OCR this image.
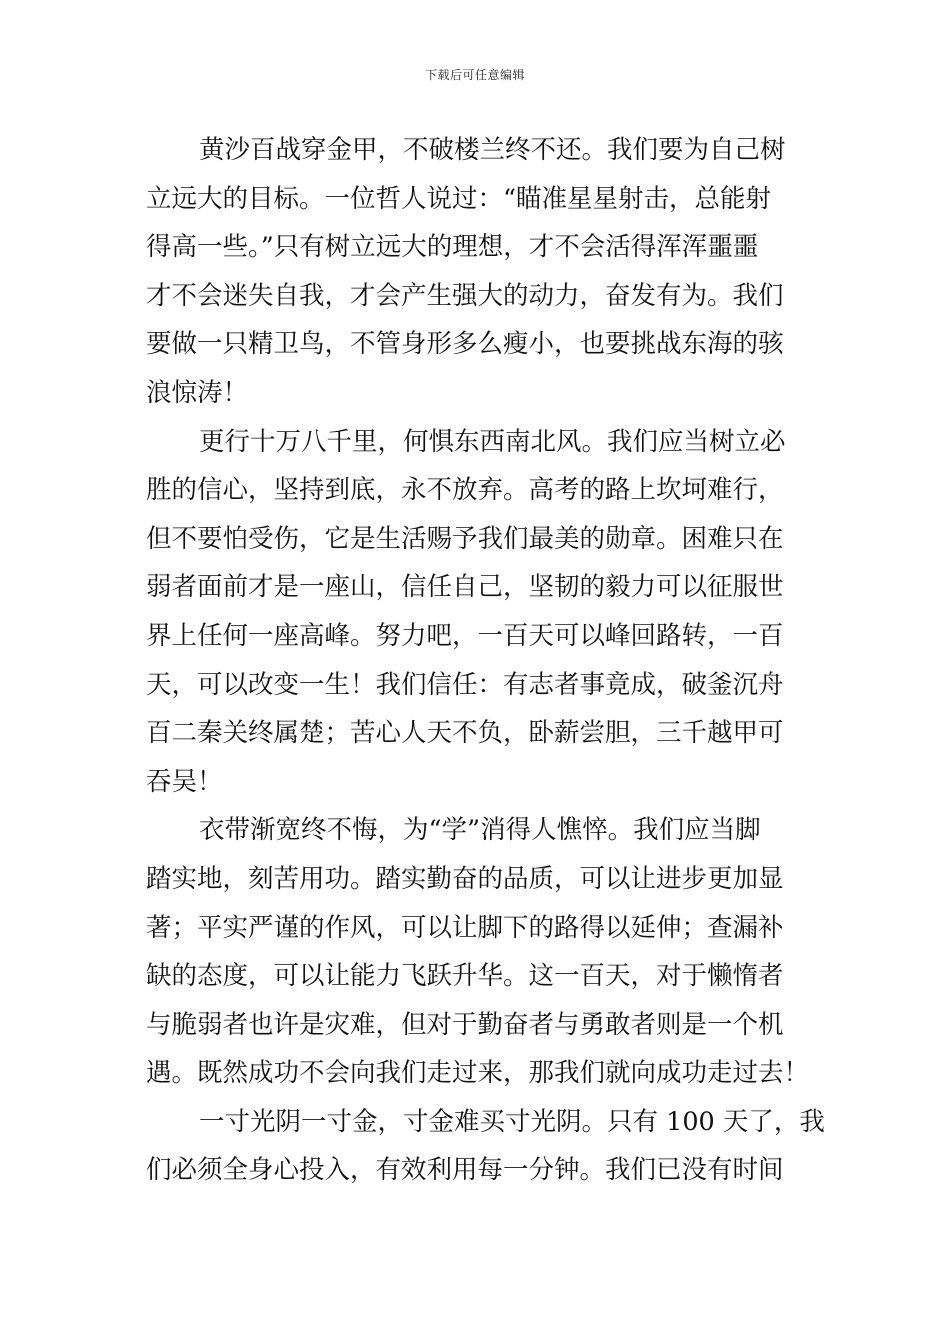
下载后可任意编辑
黄沙百战穿金甲，不破楼兰终不还。我们要为自己树
立远大的目标。一位哲人说过：“瞄准星星射击，总能射
得高一些。”只有树立远大的理想，才不会活得浑浑噩噩
才不会迷失自我，才会产生强大的动力，奋发有为。我们
要做一只精卫鸟，不管身形多么瘦小，也要挑战东海的骇
浪惊涛！
更行十万八千里，何惧东西南北风。我们应当树立必
胜的信心，坚持到底，永不放弃。高考的路上坎坷难行，
但不要怕受伤，它是生活赐予我们最美的勋章。困难只在
弱者面前才是一座山，信任自己，坚韧的毅力可以征服世
界上任何一座高峰。努力吧，一百天可以峰回路转，一百
天，可以改变一生！我们信任：有志者事竟成，破釜沉舟
百二秦关终属楚；苦心人天不负，卧薪尝胆，三千越甲可
吞吴！
衣带渐宽终不悔，为“学”消得人憔悴。我们应当脚
踏实地，刻苦用功。踏实勤奋的品质，可以让进步更加显
著；平实严谨的作风，可以让脚下的路得以延伸；查漏补
缺的态度，可以让能力飞跃升华。这一百天，对于懒惰者
与脆弱者也许是灾难，但对于勤奋者与勇敢者则是一个机
遇。既然成功不会向我们走过来，那我们就向成功走过去！
一寸光阴一寸金，寸金难买寸光阴。只有 100 天了，我
们必须全身心投入，有效利用每一分钟。我们已没有时间
